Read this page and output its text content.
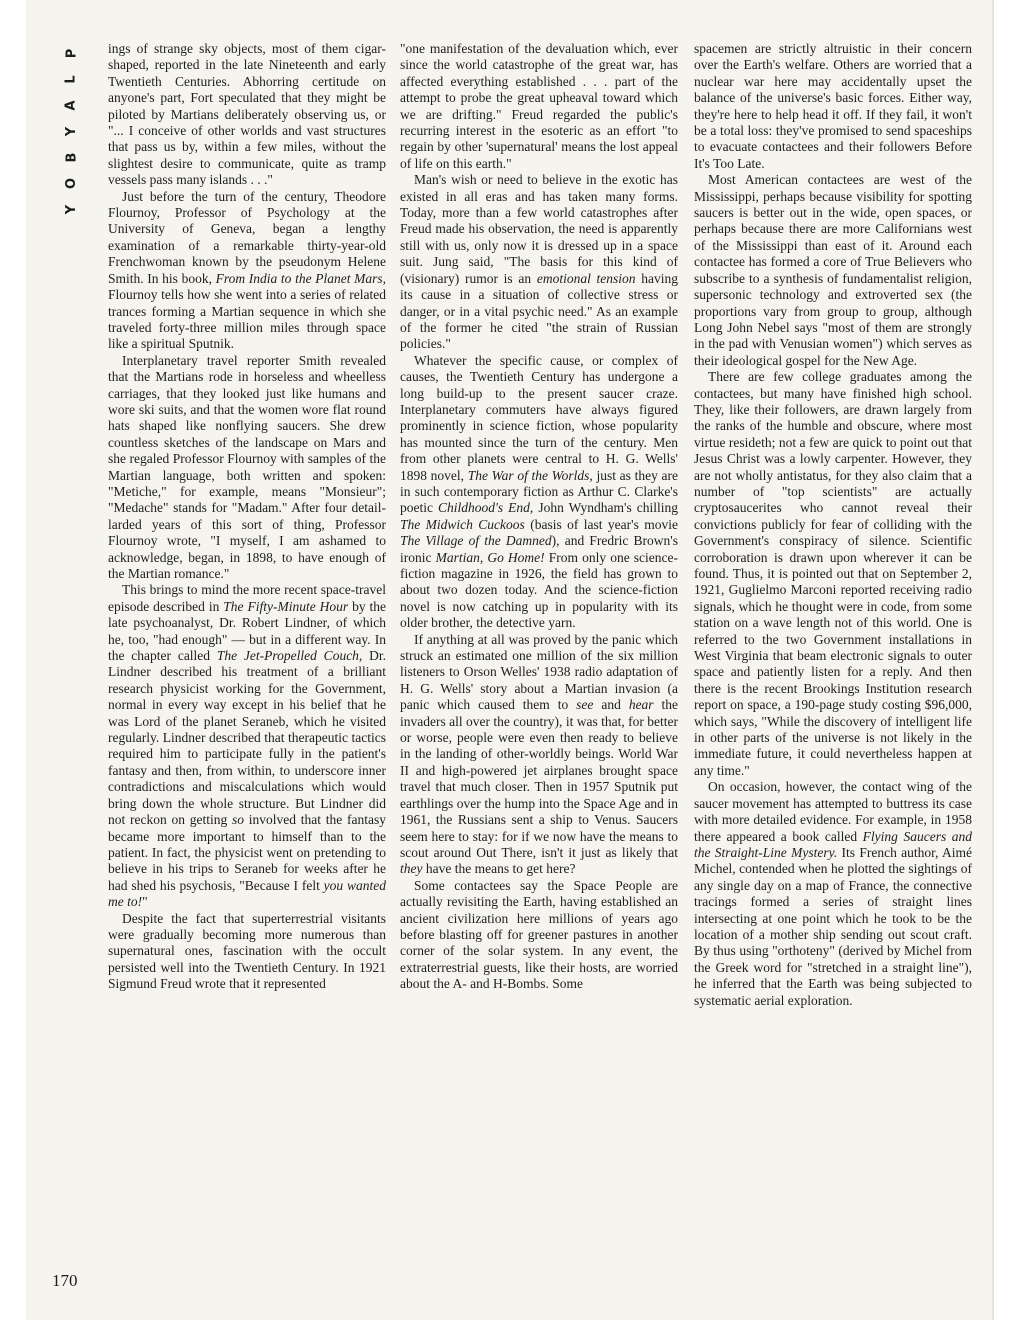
P
L
A
Y
B
O
Y
170

ings of strange sky objects, most of them cigar-shaped, reported in the late Nineteenth and early Twentieth Centuries. Abhorring certitude on anyone's part, Fort speculated that they might be piloted by Martians deliberately observing us, or "... I conceive of other worlds and vast structures that pass us by, within a few miles, without the slightest desire to communicate, quite as tramp vessels pass many islands . . ."

Just before the turn of the century, Theodore Flournoy, Professor of Psychology at the University of Geneva, began a lengthy examination of a remarkable thirty-year-old Frenchwoman known by the pseudonym Helene Smith. In his book, From India to the Planet Mars, Flournoy tells how she went into a series of related trances forming a Martian sequence in which she traveled forty-three million miles through space like a spiritual Sputnik.

Interplanetary travel reporter Smith revealed that the Martians rode in horseless and wheelless carriages, that they looked just like humans and wore ski suits, and that the women wore flat round hats shaped like nonflying saucers. She drew countless sketches of the landscape on Mars and she regaled Professor Flournoy with samples of the Martian language, both written and spoken: "Metiche," for example, means "Monsieur"; "Medache" stands for "Madam." After four detail-larded years of this sort of thing, Professor Flournoy wrote, "I myself, I am ashamed to acknowledge, began, in 1898, to have enough of the Martian romance."

This brings to mind the more recent space-travel episode described in The Fifty-Minute Hour by the late psychoanalyst, Dr. Robert Lindner, of which he, too, "had enough" — but in a different way. In the chapter called The Jet-Propelled Couch, Dr. Lindner described his treatment of a brilliant research physicist working for the Government, normal in every way except in his belief that he was Lord of the planet Seraneb, which he visited regularly. Lindner described that therapeutic tactics required him to participate fully in the patient's fantasy and then, from within, to underscore inner contradictions and miscalculations which would bring down the whole structure. But Lindner did not reckon on getting so involved that the fantasy became more important to himself than to the patient. In fact, the physicist went on pretending to believe in his trips to Seraneb for weeks after he had shed his psychosis, "Because I felt you wanted me to!"

Despite the fact that superterrestrial visitants were gradually becoming more numerous than supernatural ones, fascination with the occult persisted well into the Twentieth Century. In 1921 Sigmund Freud wrote that it represented

"one manifestation of the devaluation which, ever since the world catastrophe of the great war, has affected everything established . . . part of the attempt to probe the great upheaval toward which we are drifting." Freud regarded the public's recurring interest in the esoteric as an effort "to regain by other 'supernatural' means the lost appeal of life on this earth."

Man's wish or need to believe in the exotic has existed in all eras and has taken many forms. Today, more than a few world catastrophes after Freud made his observation, the need is apparently still with us, only now it is dressed up in a space suit. Jung said, "The basis for this kind of (visionary) rumor is an emotional tension having its cause in a situation of collective stress or danger, or in a vital psychic need." As an example of the former he cited "the strain of Russian policies."

Whatever the specific cause, or complex of causes, the Twentieth Century has undergone a long build-up to the present saucer craze. Interplanetary commuters have always figured prominently in science fiction, whose popularity has mounted since the turn of the century. Men from other planets were central to H. G. Wells' 1898 novel, The War of the Worlds, just as they are in such contemporary fiction as Arthur C. Clarke's poetic Childhood's End, John Wyndham's chilling The Midwich Cuckoos (basis of last year's movie The Village of the Damned), and Fredric Brown's ironic Martian, Go Home! From only one science-fiction magazine in 1926, the field has grown to about two dozen today. And the science-fiction novel is now catching up in popularity with its older brother, the detective yarn.

If anything at all was proved by the panic which struck an estimated one million of the six million listeners to Orson Welles' 1938 radio adaptation of H. G. Wells' story about a Martian invasion (a panic which caused them to see and hear the invaders all over the country), it was that, for better or worse, people were even then ready to believe in the landing of other-worldly beings. World War II and high-powered jet airplanes brought space travel that much closer. Then in 1957 Sputnik put earthlings over the hump into the Space Age and in 1961, the Russians sent a ship to Venus. Saucers seem here to stay: for if we now have the means to scout around Out There, isn't it just as likely that they have the means to get here?

Some contactees say the Space People are actually revisiting the Earth, having established an ancient civilization here millions of years ago before blasting off for greener pastures in another corner of the solar system. In any event, the extraterrestrial guests, like their hosts, are worried about the A- and H-Bombs. Some

spacemen are strictly altruistic in their concern over the Earth's welfare. Others are worried that a nuclear war here may accidentally upset the balance of the universe's basic forces. Either way, they're here to help head it off. If they fail, it won't be a total loss: they've promised to send spaceships to evacuate contactees and their followers Before It's Too Late.

Most American contactees are west of the Mississippi, perhaps because visibility for spotting saucers is better out in the wide, open spaces, or perhaps because there are more Californians west of the Mississippi than east of it. Around each contactee has formed a core of True Believers who subscribe to a synthesis of fundamentalist religion, supersonic technology and extroverted sex (the proportions vary from group to group, although Long John Nebel says "most of them are strongly in the pad with Venusian women") which serves as their ideological gospel for the New Age.

There are few college graduates among the contactees, but many have finished high school. They, like their followers, are drawn largely from the ranks of the humble and obscure, where most virtue resideth; not a few are quick to point out that Jesus Christ was a lowly carpenter. However, they are not wholly antistatus, for they also claim that a number of "top scientists" are actually cryptosaucerites who cannot reveal their convictions publicly for fear of colliding with the Government's conspiracy of silence. Scientific corroboration is drawn upon wherever it can be found. Thus, it is pointed out that on September 2, 1921, Guglielmo Marconi reported receiving radio signals, which he thought were in code, from some station on a wave length not of this world. One is referred to the two Government installations in West Virginia that beam electronic signals to outer space and patiently listen for a reply. And then there is the recent Brookings Institution research report on space, a 190-page study costing $96,000, which says, "While the discovery of intelligent life in other parts of the universe is not likely in the immediate future, it could nevertheless happen at any time."

On occasion, however, the contact wing of the saucer movement has attempted to buttress its case with more detailed evidence. For example, in 1958 there appeared a book called Flying Saucers and the Straight-Line Mystery. Its French author, Aimé Michel, contended when he plotted the sightings of any single day on a map of France, the connective tracings formed a series of straight lines intersecting at one point which he took to be the location of a mother ship sending out scout craft. By thus using "orthoteny" (derived by Michel from the Greek word for "stretched in a straight line"), he inferred that the Earth was being subjected to systematic aerial exploration.
